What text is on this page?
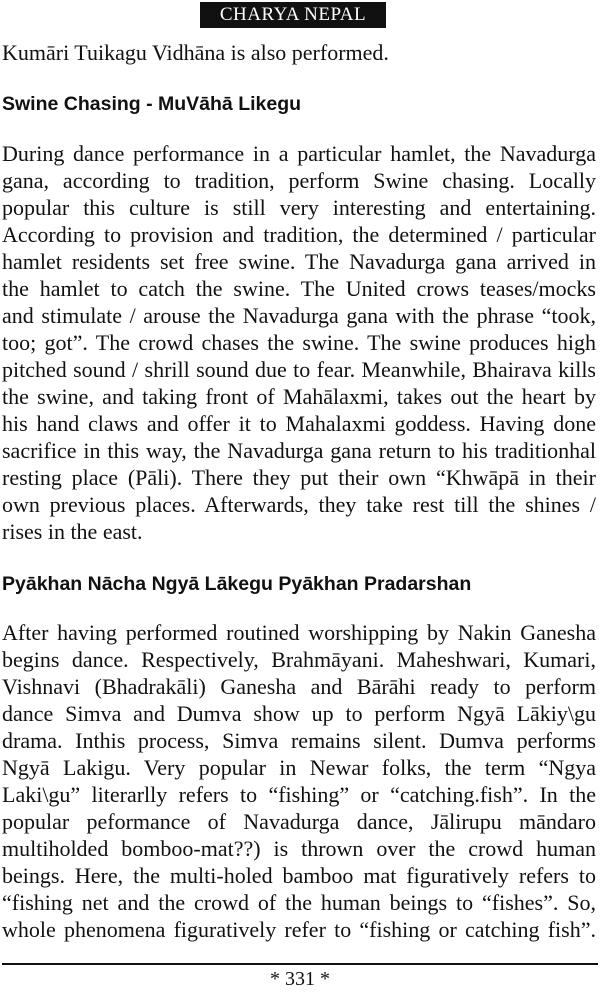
CHARYA NEPAL
Kumāri Tuikagu Vidhāna is also performed.
Swine Chasing - MuVāhā Likegu
During dance performance in a particular hamlet, the Navadurga
gana, according to tradition, perform Swine chasing. Locally
popular this culture is still very interesting and entertaining.
According to provision and tradition, the determined / particular
hamlet residents set free swine. The Navadurga gana arrived in
the hamlet to catch the swine. The United crows teases/mocks
and stimulate / arouse the Navadurga gana with the phrase “took,
too; got”. The crowd chases the swine. The swine produces high
pitched sound / shrill sound due to fear. Meanwhile, Bhairava kills
the swine, and taking front of Mahālaxmi, takes out the heart by
his hand claws and offer it to Mahalaxmi goddess. Having done
sacrifice in this way, the Navadurga gana return to his traditionhal
resting place (Pāli). There they put their own “Khwāpā in their
own previous places. Afterwards, they take rest till the shines /
rises in the east.
Pyākhan Nācha Ngyā Lākegu Pyākhan Pradarshan
After having performed routined worshipping by Nakin Ganesha
begins dance. Respectively, Brahmāyani. Maheshwari, Kumari,
Vishnavi (Bhadrakāli) Ganesha and Bārāhi ready to perform
dance Simva and Dumva show up to perform Ngyā Lākiy\gu
drama. Inthis process, Simva remains silent. Dumva performs
Ngyā Lakigu. Very popular in Newar folks, the term “Ngya
Laki\gu” literarlly refers to “fishing” or “catching.fish”. In the
popular peformance of Navadurga dance, Jālirupu māndaro
multiholded bomboo-mat??) is thrown over the crowd human
beings. Here, the multi-holed bamboo mat figuratively refers to
“fishing net and the crowd of the human beings to “fishes”. So,
whole phenomena figuratively refer to “fishing or catching fish”.
* 331 *
